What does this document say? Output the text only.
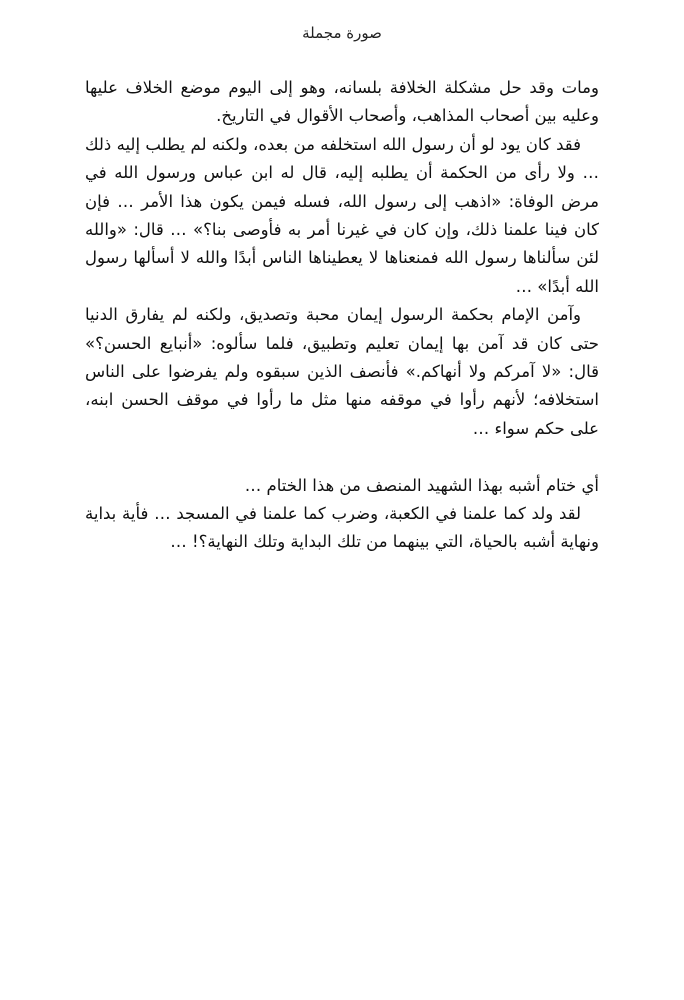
صورة مجملة

ومات وقد حل مشكلة الخلافة بلسانه، وهو إلى اليوم موضع الخلاف عليها وعليه بين أصحاب المذاهب، وأصحاب الأقوال في التاريخ.

فقد كان يود لو أن رسول الله استخلفه من بعده، ولكنه لم يطلب إليه ذلك … ولا رأى من الحكمة أن يطلبه إليه، قال له ابن عباس ورسول الله في مرض الوفاة: «اذهب إلى رسول الله، فسله فيمن يكون هذا الأمر … فإن كان فينا علمنا ذلك، وإن كان في غيرنا أمر به فأوصى بنا؟» … قال: «والله لئن سألناها رسول الله فمنعناها لا يعطيناها الناس أبدًا والله لا أسألها رسول الله أبدًا» …

وآمن الإمام بحكمة الرسول إيمان محبة وتصديق، ولكنه لم يفارق الدنيا حتى كان قد آمن بها إيمان تعليم وتطبيق، فلما سألوه: «أنبايع الحسن؟» قال: «لا آمركم ولا أنهاكم.» فأنصف الذين سبقوه ولم يفرضوا على الناس استخلافه؛ لأنهم رأوا في موقفه منها مثل ما رأوا في موقف الحسن ابنه، على حكم سواء …

أي ختام أشبه بهذا الشهيد المنصف من هذا الختام …

لقد ولد كما علمنا في الكعبة، وضرب كما علمنا في المسجد … فأية بداية ونهاية أشبه بالحياة، التي بينهما من تلك البداية وتلك النهاية؟! …
